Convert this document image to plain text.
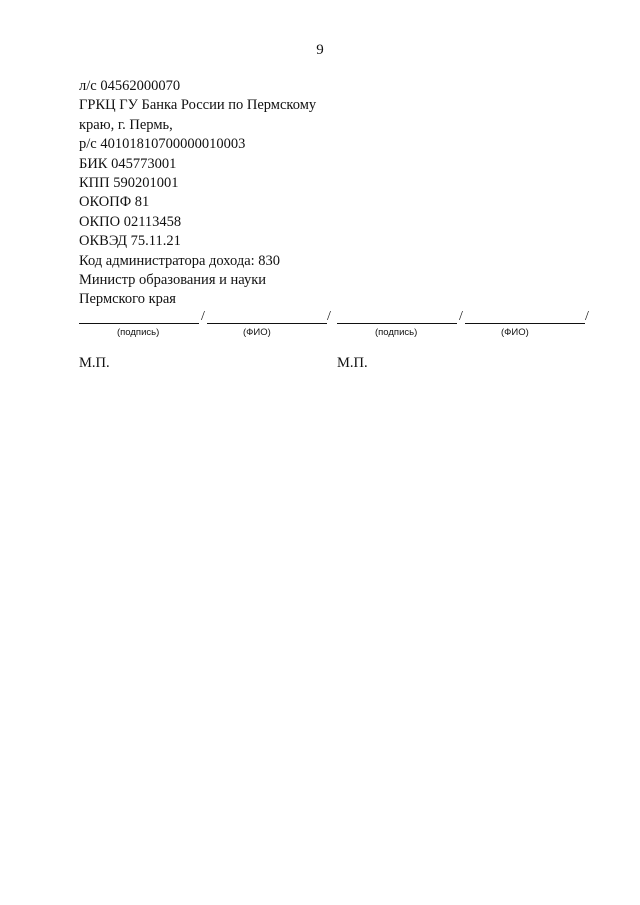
9
л/с 04562000070
ГРКЦ ГУ Банка России по Пермскому
краю, г. Пермь,
р/с 40101810700000010003
БИК 045773001
КПП 590201001
ОКОПФ 81
ОКПО 02113458
ОКВЭД 75.11.21
Код администратора дохода: 830
Министр образования и науки
Пермского края
/	/
(подпись)	(ФИО)
/	/
(подпись)	(ФИО)
М.П.	М.П.
